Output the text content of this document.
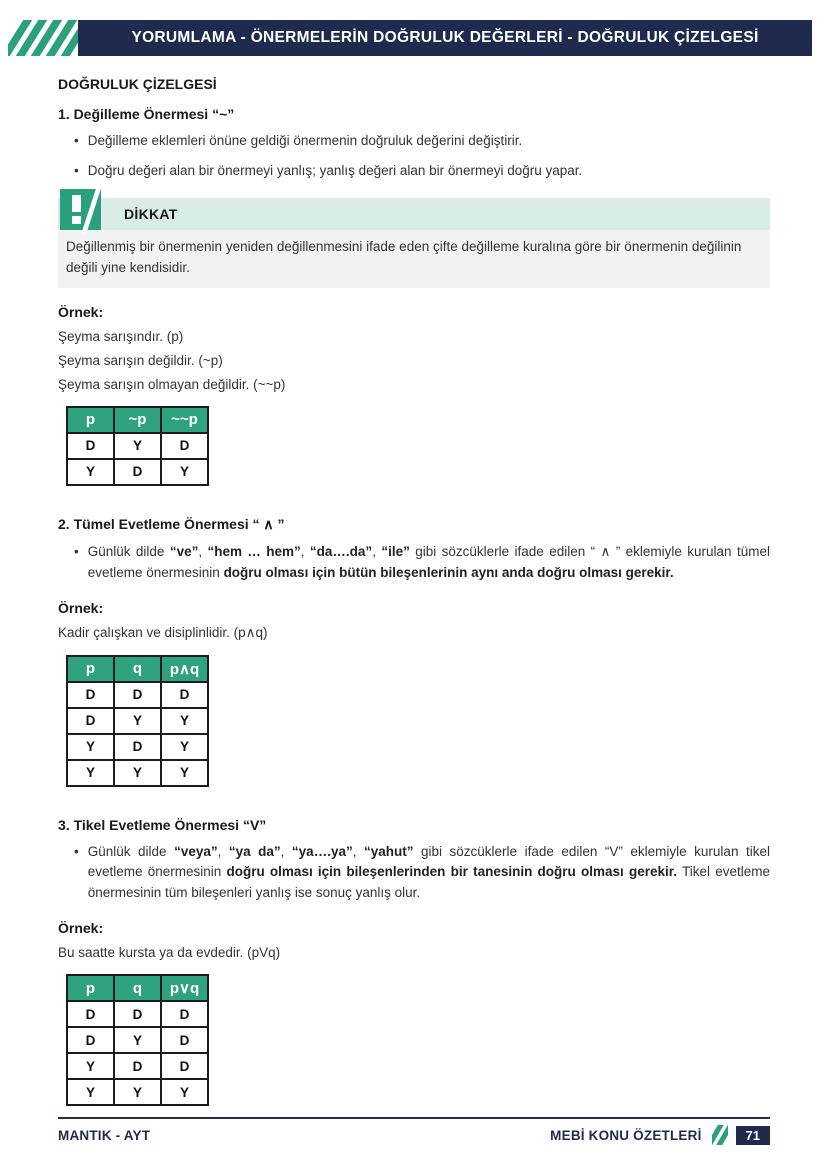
YORUMLAMA - ÖNERMELERİN DOĞRULUK DEĞERLERİ - DOĞRULUK ÇİZELGESİ
DOĞRULUK ÇİZELGESİ
1. Değilleme Önermesi “~”
• Değilleme eklemleri önüne geldiği önermenin doğruluk değerini değiştirir.
• Doğru değeri alan bir önermeyi yanlış; yanlış değeri alan bir önermeyi doğru yapar.
DİKKAT
Değillenmiş bir önermenin yeniden değillenmesini ifade eden çifte değilleme kuralına göre bir önermenin değilinin değili yine kendisidir.
Örnek:

Şeyma sarışındır. (p)

Şeyma sarışın değildir. (~p)

Şeyma sarışın olmayan değildir. (~~p)

p	~p	~~p
D	Y	D
Y	D	Y
2. Tümel Evetleme Önermesi “ ∧ ”
• Günlük dilde “ve”, “hem … hem”, “da….da”, “ile” gibi sözcüklerle ifade edilen “ ∧ ” eklemiyle kurulan tümel evetleme önermesinin doğru olması için bütün bileşenlerinin aynı anda doğru olması gerekir.
Örnek:

Kadir çalışkan ve disiplinlidir. (p∧q)

p	q	p∧q
D	D	D
D	Y	Y
Y	D	Y
Y	Y	Y
3. Tikel Evetleme Önermesi “V”
• Günlük dilde “veya”, “ya da”, “ya….ya”, “yahut” gibi sözcüklerle ifade edilen “V” eklemiyle kurulan tikel evetleme önermesinin doğru olması için bileşenlerinden bir tanesinin doğru olması gerekir. Tikel evetleme önermesinin tüm bileşenleri yanlış ise sonuç yanlış olur.
Örnek:

Bu saatte kursta ya da evdedir. (pVq)

p	q	p∨q
D	D	D
D	Y	D
Y	D	D
Y	Y	Y
MANTIK - AYT	MEBİ KONU ÖZETLERİ	71
